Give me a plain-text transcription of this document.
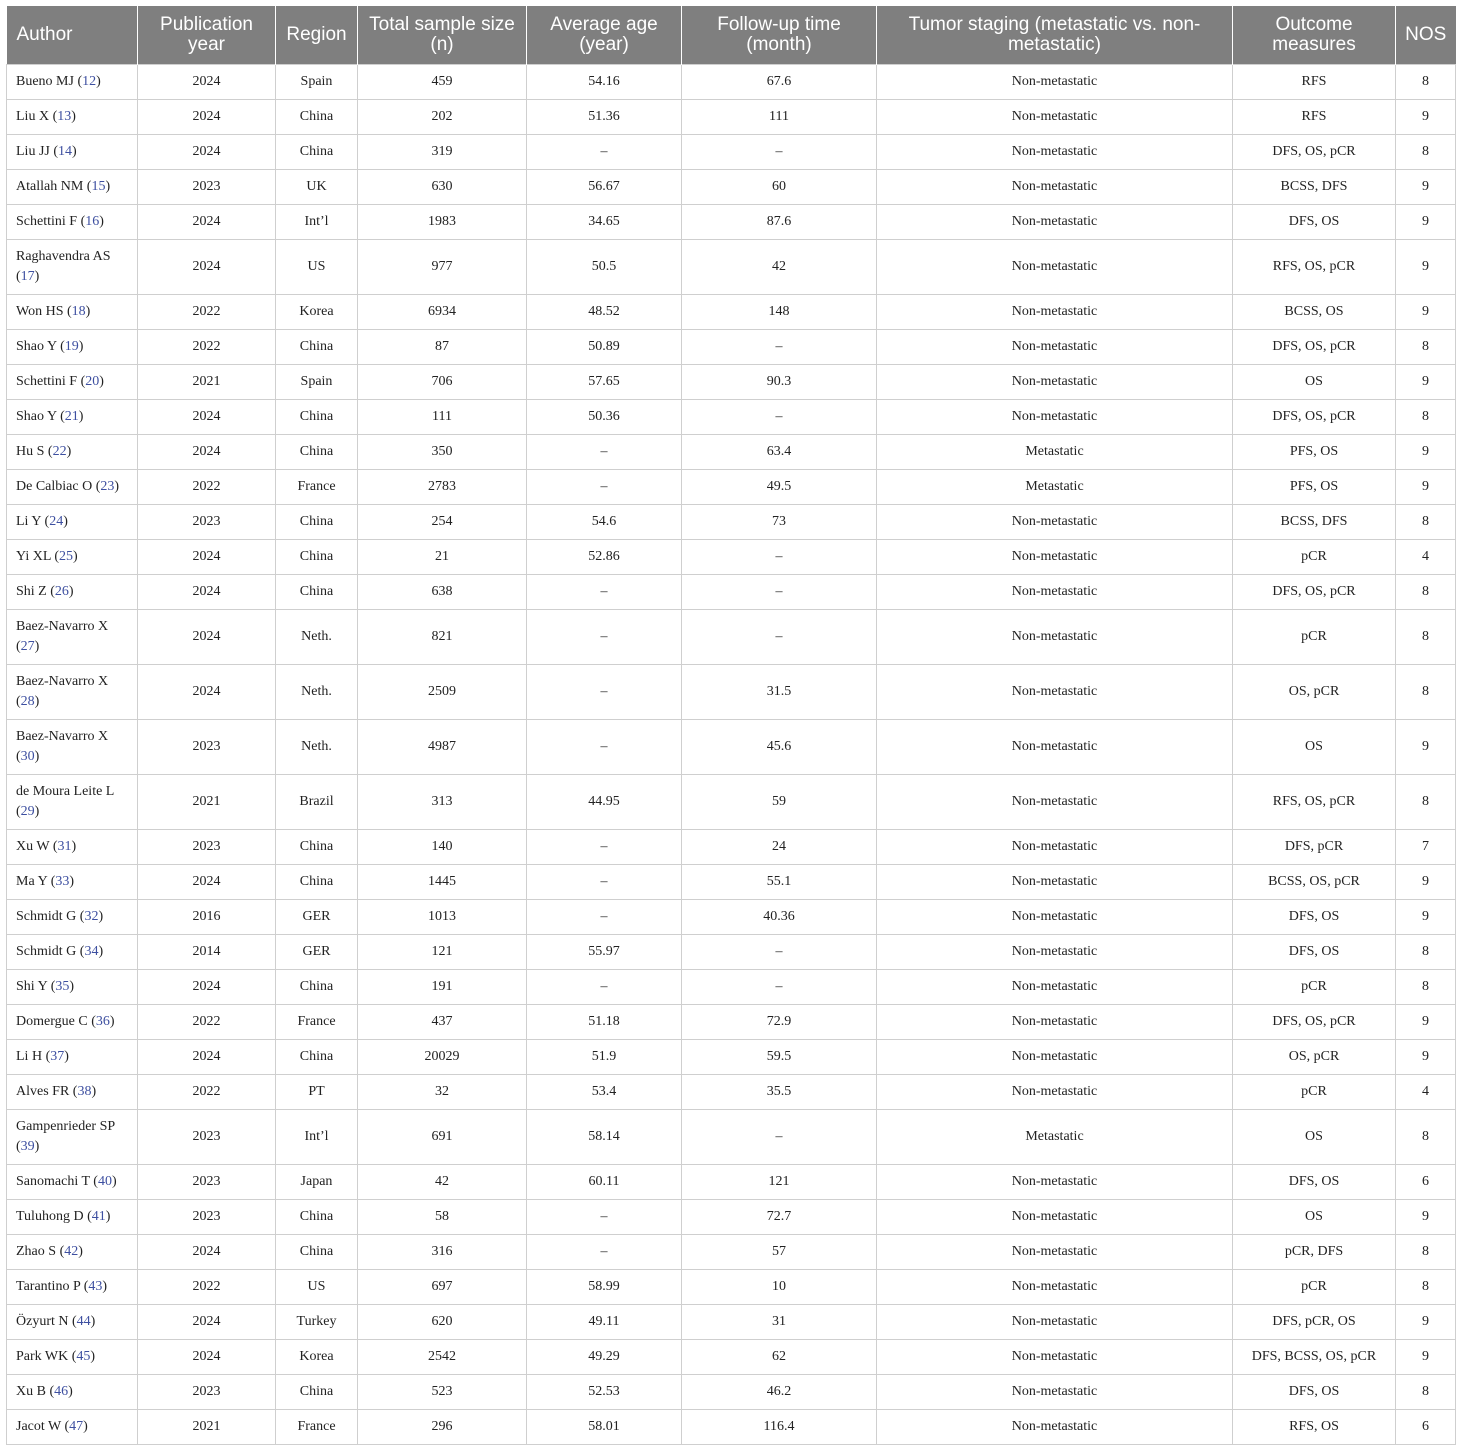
Author	Publication year	Region	Total sample size (n)	Average age (year)	Follow-up time (month)	Tumor staging (metastatic vs. non-metastatic)	Outcome measures	NOS
Bueno MJ (12)	2024	Spain	459	54.16	67.6	Non-metastatic	RFS	8
Liu X (13)	2024	China	202	51.36	111	Non-metastatic	RFS	9
Liu JJ (14)	2024	China	319	–	–	Non-metastatic	DFS, OS, pCR	8
Atallah NM (15)	2023	UK	630	56.67	60	Non-metastatic	BCSS, DFS	9
Schettini F (16)	2024	Int’l	1983	34.65	87.6	Non-metastatic	DFS, OS	9
Raghavendra AS (17)	2024	US	977	50.5	42	Non-metastatic	RFS, OS, pCR	9
Won HS (18)	2022	Korea	6934	48.52	148	Non-metastatic	BCSS, OS	9
Shao Y (19)	2022	China	87	50.89	–	Non-metastatic	DFS, OS, pCR	8
Schettini F (20)	2021	Spain	706	57.65	90.3	Non-metastatic	OS	9
Shao Y (21)	2024	China	111	50.36	–	Non-metastatic	DFS, OS, pCR	8
Hu S (22)	2024	China	350	–	63.4	Metastatic	PFS, OS	9
De Calbiac O (23)	2022	France	2783	–	49.5	Metastatic	PFS, OS	9
Li Y (24)	2023	China	254	54.6	73	Non-metastatic	BCSS, DFS	8
Yi XL (25)	2024	China	21	52.86	–	Non-metastatic	pCR	4
Shi Z (26)	2024	China	638	–	–	Non-metastatic	DFS, OS, pCR	8
Baez-Navarro X (27)	2024	Neth.	821	–	–	Non-metastatic	pCR	8
Baez-Navarro X (28)	2024	Neth.	2509	–	31.5	Non-metastatic	OS, pCR	8
Baez-Navarro X (30)	2023	Neth.	4987	–	45.6	Non-metastatic	OS	9
de Moura Leite L (29)	2021	Brazil	313	44.95	59	Non-metastatic	RFS, OS, pCR	8
Xu W (31)	2023	China	140	–	24	Non-metastatic	DFS, pCR	7
Ma Y (33)	2024	China	1445	–	55.1	Non-metastatic	BCSS, OS, pCR	9
Schmidt G (32)	2016	GER	1013	–	40.36	Non-metastatic	DFS, OS	9
Schmidt G (34)	2014	GER	121	55.97	–	Non-metastatic	DFS, OS	8
Shi Y (35)	2024	China	191	–	–	Non-metastatic	pCR	8
Domergue C (36)	2022	France	437	51.18	72.9	Non-metastatic	DFS, OS, pCR	9
Li H (37)	2024	China	20029	51.9	59.5	Non-metastatic	OS, pCR	9
Alves FR (38)	2022	PT	32	53.4	35.5	Non-metastatic	pCR	4
Gampenrieder SP (39)	2023	Int’l	691	58.14	–	Metastatic	OS	8
Sanomachi T (40)	2023	Japan	42	60.11	121	Non-metastatic	DFS, OS	6
Tuluhong D (41)	2023	China	58	–	72.7	Non-metastatic	OS	9
Zhao S (42)	2024	China	316	–	57	Non-metastatic	pCR, DFS	8
Tarantino P (43)	2022	US	697	58.99	10	Non-metastatic	pCR	8
Özyurt N (44)	2024	Turkey	620	49.11	31	Non-metastatic	DFS, pCR, OS	9
Park WK (45)	2024	Korea	2542	49.29	62	Non-metastatic	DFS, BCSS, OS, pCR	9
Xu B (46)	2023	China	523	52.53	46.2	Non-metastatic	DFS, OS	8
Jacot W (47)	2021	France	296	58.01	116.4	Non-metastatic	RFS, OS	6
